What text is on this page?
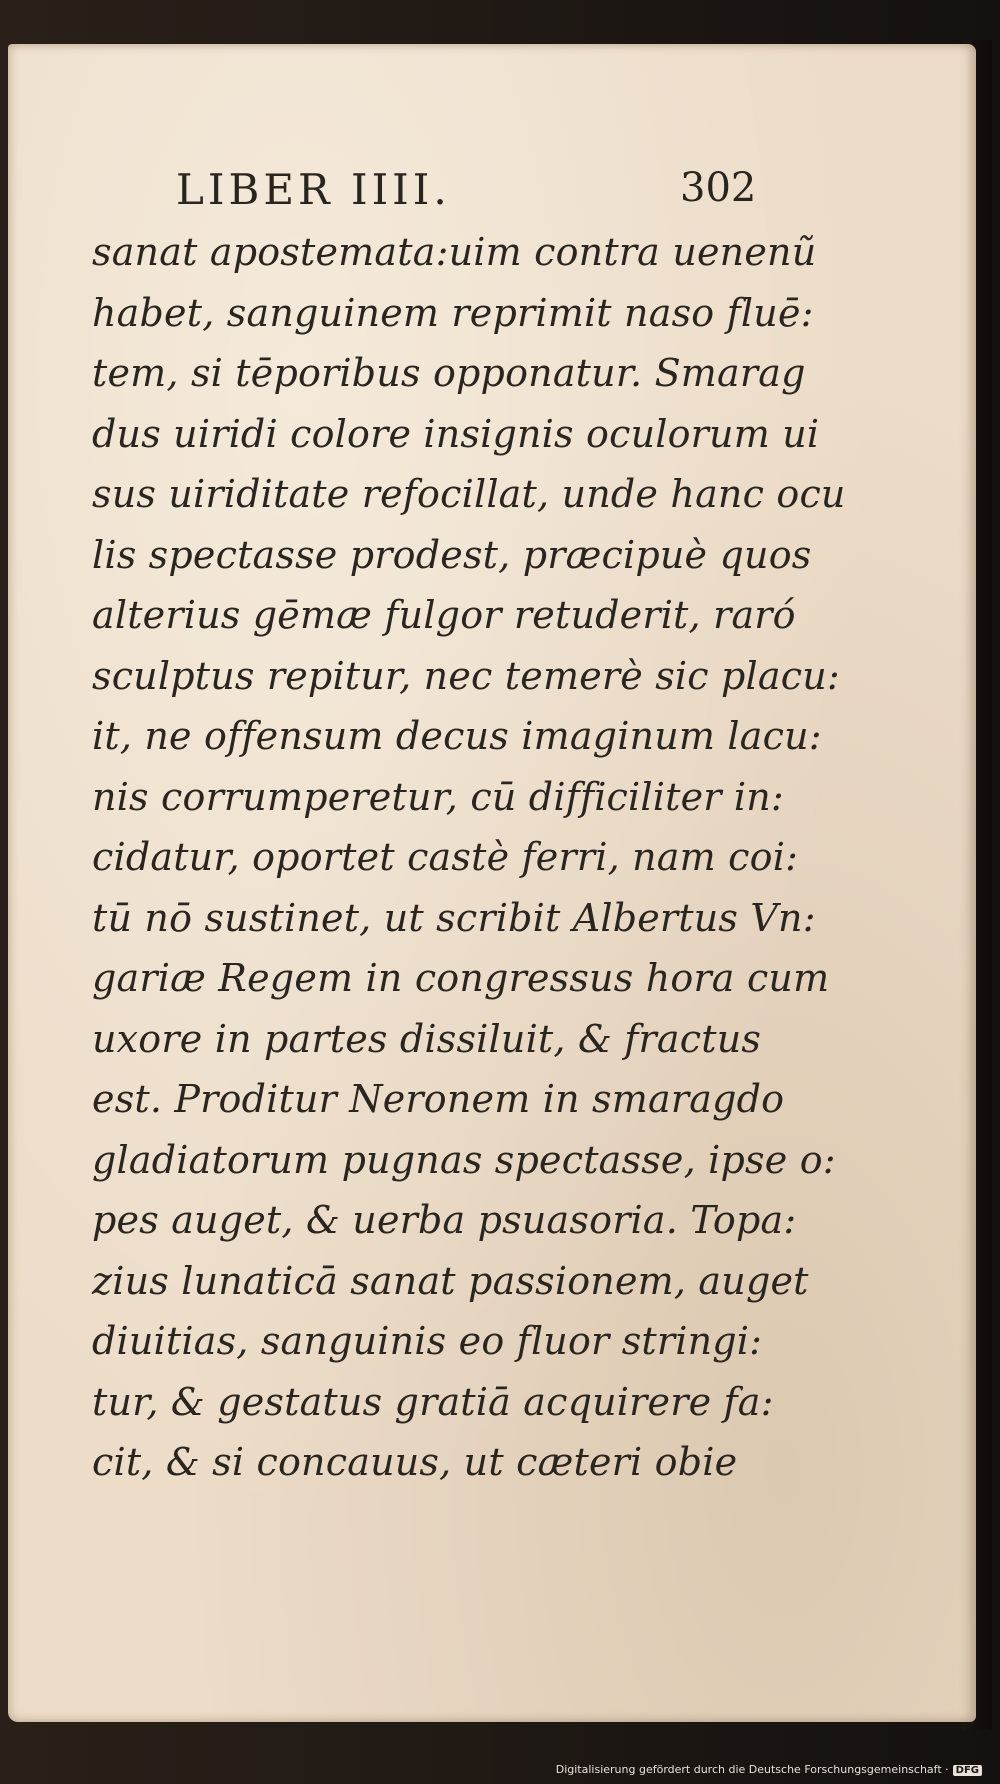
LIBER IIII.	302
sanat apostemata:uim contra uenenũ
habet, sanguinem reprimit naso fluē:
tem, si tēporibus opponatur. Smarag
dus uiridi colore insignis oculorum ui
sus uiriditate refocillat, unde hanc ocu
lis spectasse prodest, præcipuè quos
alterius gēmæ fulgor retuderit, raró
sculptus repitur, nec temerè sic placu:
it, ne offensum decus imaginum lacu:
nis corrumperetur, cū difficiliter in:
cidatur, oportet castè ferri, nam coi:
tū nō sustinet, ut scribit Albertus Vn:
gariæ Regem in congressus hora cum
uxore in partes dissiluit, & fractus
est. Proditur Neronem in smaragdo
gladiatorum pugnas spectasse, ipse o:
pes auget, & uerba psuasoria. Topa:
zius lunaticā sanat passionem, auget
diuitias, sanguinis eo fluor stringi:
tur, & gestatus gratiā acquirere fa:
cit, & si concauus, ut cæteri obie
Digitalisierung gefördert durch die Deutsche Forschungsgemeinschaft · DFG
